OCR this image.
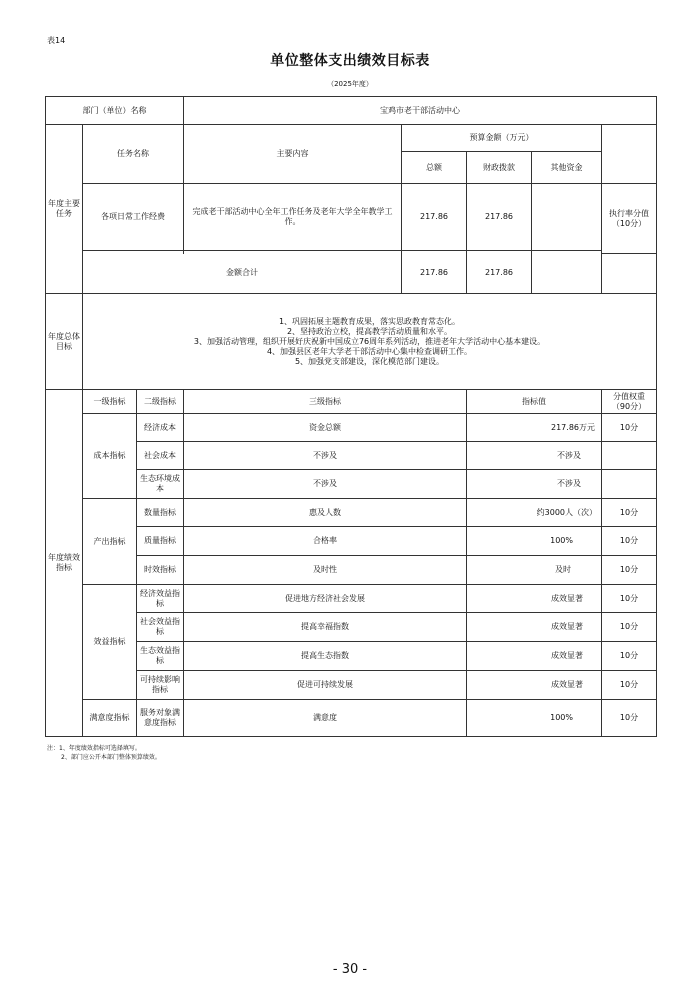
表14
单位整体支出绩效目标表
（2025年度）
部门（单位）名称			宝鸡市老干部活动中心				
年度主要任务	任务名称		主要内容	预算金额（万元）			
				总额	财政拨款	其他资金	
	各项日常工作经费		完成老干部活动中心全年工作任务及老年大学全年教学工作。	217.86	217.86		执行率分值（10分）

	金额合计			217.86	217.86		
年度总体目标	1、巩固拓展主题教育成果，落实思政教育常态化。
2、坚持政治立校，提高教学活动质量和水平。
3、加强活动管理，组织开展好庆祝新中国成立76周年系列活动，推进老年大学活动中心基本建设。
4、加强县区老年大学老干部活动中心集中检查调研工作。
5、加强党支部建设，深化模范部门建设。						

年度绩效指标	一级指标	二级指标	三级指标		指标值		分值权重（90分）
	成本指标	经济成本	资金总额		217.86万元		10分
		社会成本	不涉及		不涉及		
		生态环境成本	不涉及		不涉及		
	产出指标	数量指标	惠及人数		约3000人（次）		10分
		质量指标	合格率		100%		10分
		时效指标	及时性		及时		10分
	效益指标	经济效益指标	促进地方经济社会发展		成效显著		10分
		社会效益指标	提高幸福指数		成效显著		10分
		生态效益指标	提高生态指数		成效显著		10分
		可持续影响指标	促进可持续发展		成效显著		10分
	满意度指标	服务对象满意度指标	满意度		100%		10分
注：1、年度绩效指标可选择填写。
2、部门应公开本部门整体预算绩效。
- 30 -
